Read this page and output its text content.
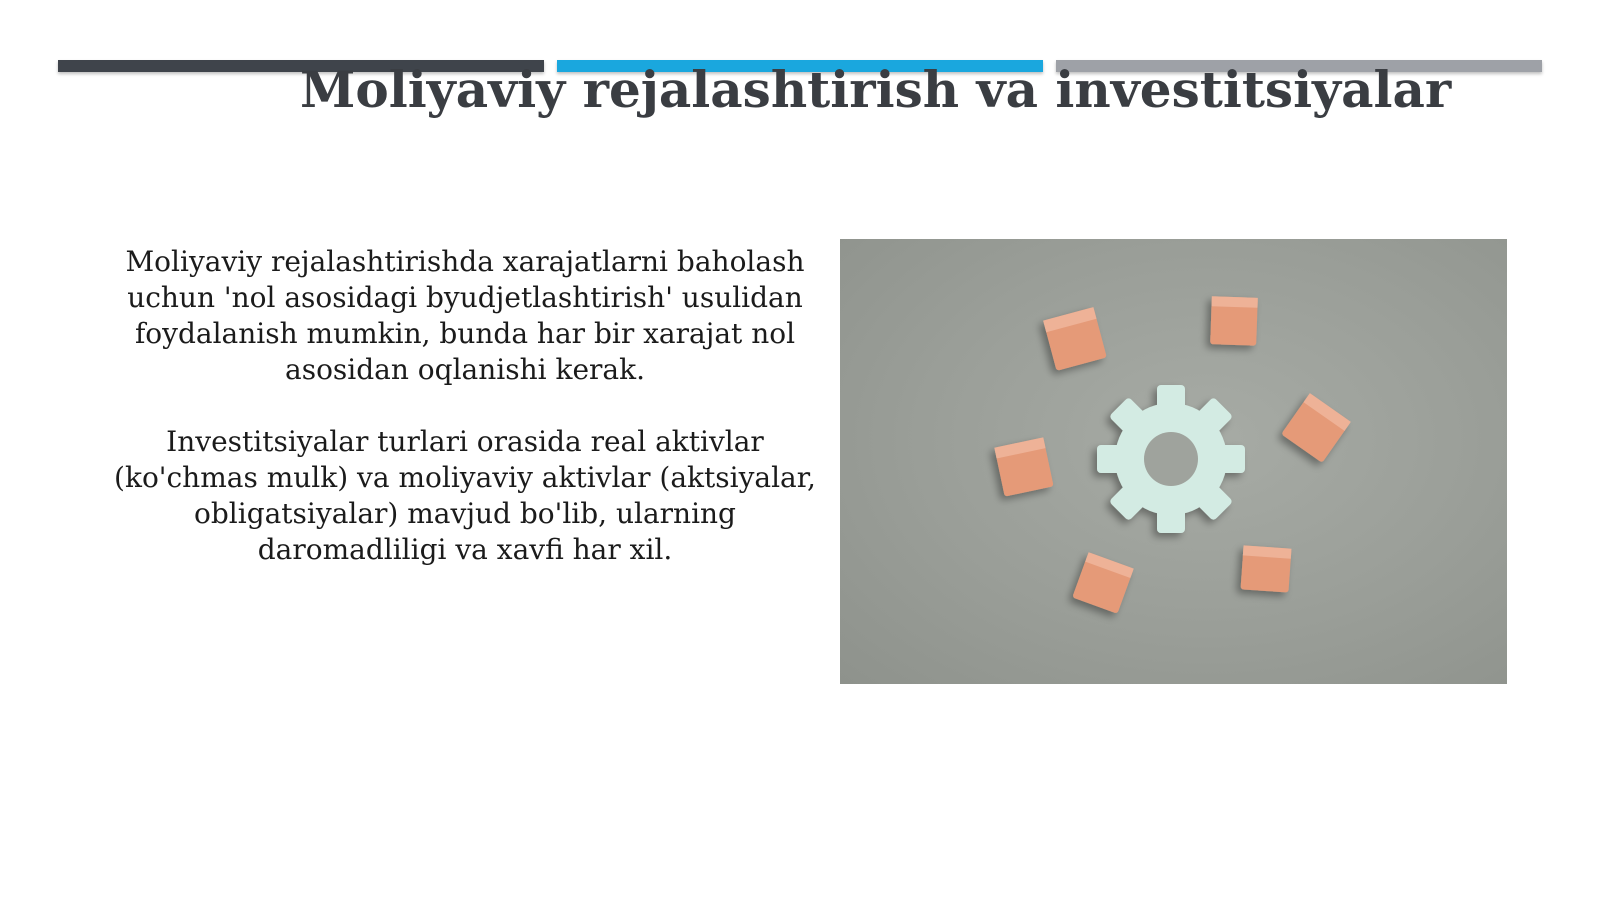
Moliyaviy rejalashtirish va investitsiyalar

Moliyaviy rejalashtirishda xarajatlarni baholash uchun 'nol asosidagi byudjetlashtirish' usulidan foydalanish mumkin, bunda har bir xarajat nol asosidan oqlanishi kerak.

Investitsiyalar turlari orasida real aktivlar (ko'chmas mulk) va moliyaviy aktivlar (aktsiyalar, obligatsiyalar) mavjud bo'lib, ularning daromadliligi va xavfi har xil.
